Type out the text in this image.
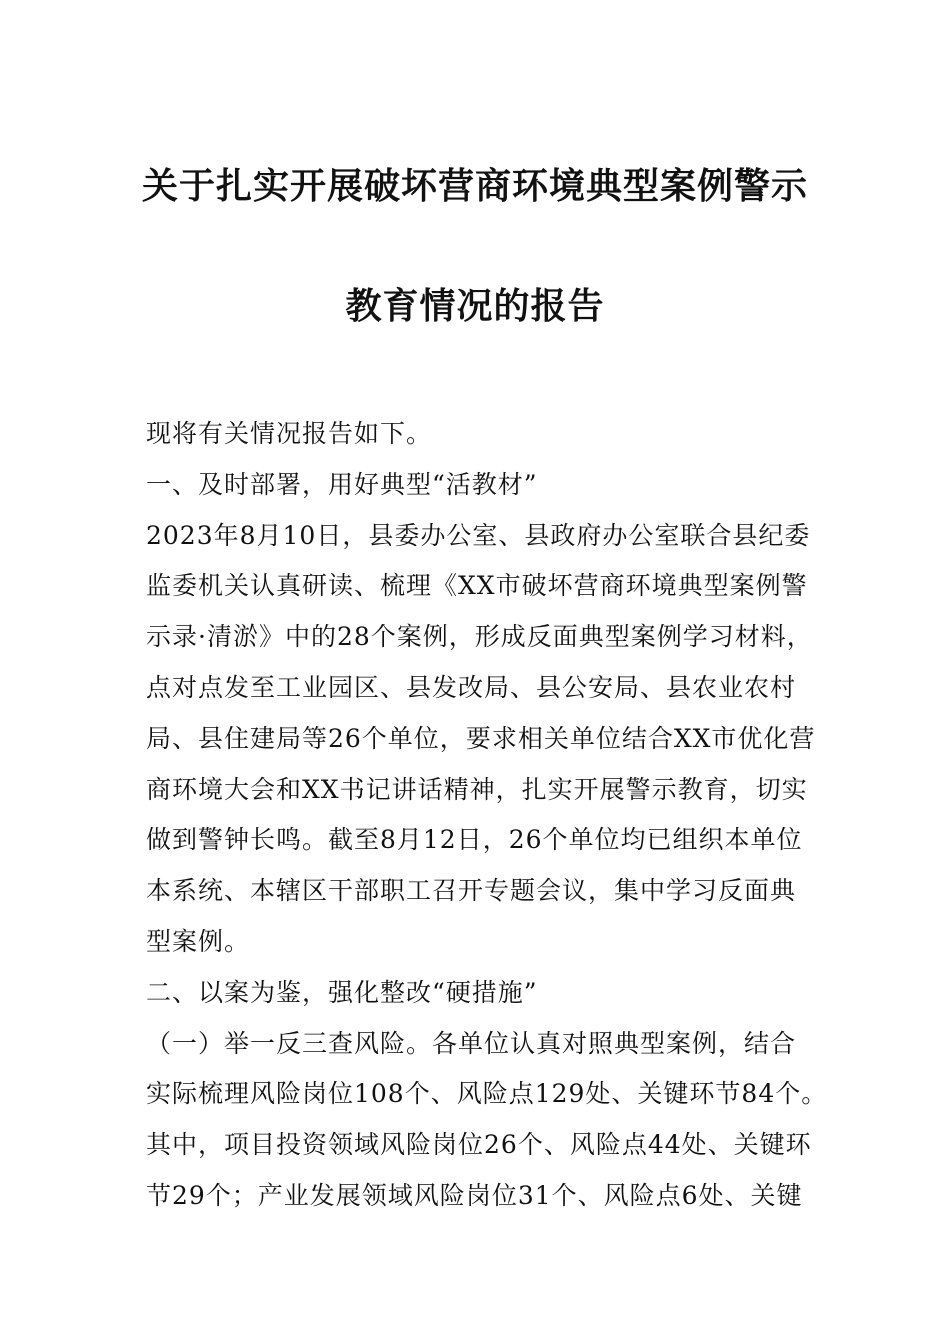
关于扎实开展破坏营商环境典型案例警示
教育情况的报告
现将有关情况报告如下。
一、及时部署，用好典型“活教材”
2023年8月10日，县委办公室、县政府办公室联合县纪委
监委机关认真研读、梳理《XX市破坏营商环境典型案例警
示录·清淤》中的28个案例，形成反面典型案例学习材料，
点对点发至工业园区、县发改局、县公安局、县农业农村
局、县住建局等26个单位，要求相关单位结合XX市优化营
商环境大会和XX书记讲话精神，扎实开展警示教育，切实
做到警钟长鸣。截至8月12日，26个单位均已组织本单位
本系统、本辖区干部职工召开专题会议，集中学习反面典
型案例。
二、以案为鉴，强化整改“硬措施”
（一）举一反三查风险。各单位认真对照典型案例，结合
实际梳理风险岗位108个、风险点129处、关键环节84个。
其中，项目投资领域风险岗位26个、风险点44处、关键环
节29个；产业发展领域风险岗位31个、风险点6处、关键
